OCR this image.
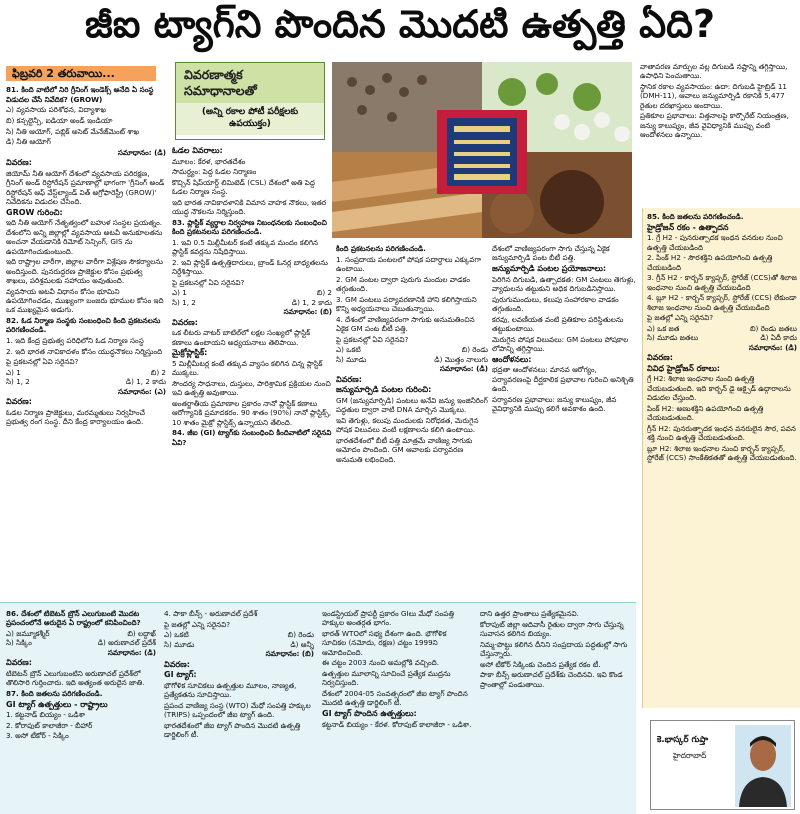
జీఐ ట్యాగ్‌ని పొందిన మొదటి ఉత్పత్తి ఏది?
ఫిబ్రవరి 2 తరువాయి...

81. కింది వాటిలో నిరి గ్రీనింగ్ ఇండెక్స్ అనేది ఏ సంస్థ విడుదల చేసే నివేదిక? (GROW)

ఎ) వ్యవసాయ పరిశోధన, విద్యాశాఖ

బి) కన్సల్టెన్సీ, ఐడియా అండ్ ఇండియా

సి) నీతి ఆయోగ్, పబ్లిక్ అసెట్ మేనేజ్‌మెంట్ శాఖ

డి) నీతి ఆయోగ్

సమాధానం: (డి)

వివరణ:

జియోమ్ నీతి ఆయోగ్ దేశంలో వ్యవసాయ పరిరక్షణ, గ్రీనింగ్ అండ్ రిస్టోరేషన్ ప్రమాణాల్లో భాగంగా 'గ్రీనింగ్ అండ్ రిస్టోరేషన్ ఆఫ్ వేస్ట్‌ల్యాండ్ విత్ అగ్రోఫారెస్ట్రీ (GROW)' నివేదికను విడుదల చేసింది.

GROW గురించి:

ఇది నీతి ఆయోగ్ నేతృత్వంలో బహుళ సంస్థల ప్రయత్నం. దేశంలోని అన్ని జిల్లాల్లో వ్యవసాయ అటవీ అనుకూలతను అంచనా వేయడానికి రిమోట్ సెన్సింగ్, GIS ను ఉపయోగించుకుంటుంది.

ఇది రాష్ట్రాల వారీగా, జిల్లాల వారీగా విశ్లేషణ సౌకర్యాలను అందిస్తుంది. పునరుద్ధరణ ప్రాజెక్టుల కోసం ప్రభుత్వ శాఖలు, పరిశ్రమలకు సహాయం అవుతుంది.

వ్యవసాయ అటవీ విధానం కోసం భూమిని ఉపయోగించడం, ముఖ్యంగా బంజరు భూముల కోసం ఇది ఒక ముఖ్యమైన అడుగు.

82. ఓడ నిర్మాణ సంస్థకు సంబంధించి కింది ప్రకటనలను పరిగణించండి.

1. ఇది కేంద్ర ప్రభుత్వ పరిధిలోని ఓడ నిర్మాణ సంస్థ

2. ఇది భారత నావికాదళం కోసం యుద్ధనౌకలు నిర్మిస్తుంది

పై ప్రకటనల్లో ఏవి సరైనవి?

ఎ) 1	బి) 2
సి) 1, 2	డి) 1, 2 కాదు

సమాధానం: (ఎ)

వివరణ:

ఓడల నిర్మాణ ప్రాజెక్టులు, మరమ్మతులు నిర్వహించే ప్రభుత్వ రంగ సంస్థ. దీని కేంద్ర కార్యాలయం ఉంది.

వివరణాత్మక సమాధానాలతో
(అన్ని రకాల పోటీ పరీక్షలకు ఉపయుక్తం)

ఓడల వివరాలు:

మూలం: కేరళ, భారతదేశం

సామర్థ్యం: పెద్ద ఓడల నిర్మాణం

కొచ్చిన్ షిప్‌యార్డ్ లిమిటెడ్ (CSL) దేశంలో అతి పెద్ద ఓడల నిర్మాణ సంస్థ.

ఇది భారత నావికాదళానికి విమాన వాహక నౌకలు, ఇతర యుద్ధ నౌకలను నిర్మిస్తుంది.

83. ప్లాస్టిక్ వ్యర్థాల నిర్వహణ నిబంధనలకు సంబంధించి కింది ప్రకటనలను పరిగణించండి.

1. ఇవి 0.5 మిల్లీమీటర్ కంటే తక్కువ మందం కలిగిన ప్లాస్టిక్ కవర్లను నిషేధిస్తాయి.

2. ఇవి ప్లాస్టిక్ ఉత్పత్తిదారులు, బ్రాండ్ ఓనర్ల బాధ్యతలను నిర్దేశిస్తాయి.

పై ప్రకటనల్లో ఏవి సరైనవి?

ఎ) 1	బి) 2
సి) 1, 2	డి) 1, 2 కాదు

సమాధానం: (బి)

వివరణ:

ఒక లీటరు వాటర్ బాటిల్‌లో లక్షల సంఖ్యలో ప్లాస్టిక్ కణాలు ఉంటాయని అధ్యయనాలు తెలిపాయి.

మైక్రోప్లాస్టిక్:

5 మిల్లీమీటర్ల కంటే తక్కువ వ్యాసం కలిగిన చిన్న ప్లాస్టిక్ ముక్కలు.

సౌందర్య సాధనాలు, దుస్తులు, పారిశ్రామిక ప్రక్రియల నుంచి ఇవి ఉత్పత్తి అవుతాయి.

అంతర్జాతీయ ప్రమాణాల ప్రకారం నానో ప్లాస్టిక్ కణాలు ఆరోగ్యానికి ప్రమాదకరం. 90 శాతం (90%) నానో ప్లాస్టిక్స్, 10 శాతం మైక్రో ప్లాస్టిక్స్ ఉన్నాయని తేలింది.

84. జీఐ (GI) ట్యాగ్‌కు సంబంధించి కిందివాటిలో సరైనవి ఏవి?

కింది ప్రకటనలను పరిగణించండి.

1. సంప్రదాయ పంటలలో పోషక పదార్థాలు ఎక్కువగా ఉంటాయి.

2. GM పంటల ద్వారా పురుగు మందుల వాడకం తగ్గుతుంది.

3. GM పంటలు పర్యావరణానికి హాని కలిగిస్తాయని కొన్ని అధ్యయనాలు చెబుతున్నాయి.

4. దేశంలో వాణిజ్యపరంగా సాగుకు అనుమతించిన ఏకైక GM పంట బీటీ పత్తి.

పై ప్రకటనల్లో ఏవి సరైనవి?

ఎ) ఒకటి	బి) రెండు
సి) మూడు	డి) మొత్తం నాలుగు

సమాధానం: (డి)

వివరణ:

జన్యుమార్పిడి పంటల గురించి:

GM (జన్యుమార్పిడి) పంటలు అనేవి జన్యు ఇంజినీరింగ్ పద్ధతుల ద్వారా వాటి DNA మార్చిన మొక్కలు.

ఇవి తెగుళ్లు, కలుపు మందులకు నిరోధకత, మెరుగైన పోషక విలువలు వంటి లక్షణాలను కలిగి ఉంటాయి.

భారతదేశంలో బీటీ పత్తి మాత్రమే వాణిజ్య సాగుకు ఆమోదం పొందింది. GM ఆవాలకు పర్యావరణ అనుమతి లభించింది.

వాతావరణ మార్పుల వల్ల దిగుబడి నష్టాన్ని తగ్గిస్తాయి, ఉపాధిని పెంచుతాయి.

స్థానిక రకాల వ్యవసాయం: ఉదా: దిగుబడి హైబ్రిడ్ 11 (DMH-11), ఆవాలు జన్యుమార్పిడి రకానికి 5,477 రైతుల దరఖాస్తులు అందాయి.

ప్రతికూల ప్రభావాలు: విత్తనాలపై కార్పొరేట్ నియంత్రణ, జన్యు కాలుష్యం, జీవ వైవిధ్యానికి ముప్పు వంటి ఆందోళనలు ఉన్నాయి.

దేశంలో వాణిజ్యపరంగా సాగు చేస్తున్న ఏకైక జన్యుమార్పిడి పంట బీటీ పత్తి.

జన్యుమార్పిడి పంటల ప్రయోజనాలు:

పెరిగిన దిగుబడి, ఉత్పాదకత: GM పంటలు తెగుళ్లు, వ్యాధులను తట్టుకుని అధిక దిగుబడినిస్తాయి.

పురుగుమందులు, కలుపు సంహారకాల వాడకం తగ్గుతుంది.

కరవు, లవణీయత వంటి ప్రతికూల పరిస్థితులను తట్టుకుంటాయి.

మెరుగైన పోషక విలువలు: GM పంటలు పోషకాల లోపాన్ని తగ్గిస్తాయి.

ఆందోళనలు:

భద్రతా ఆందోళనలు: మానవ ఆరోగ్యం, పర్యావరణంపై దీర్ఘకాలిక ప్రభావాల గురించి అనిశ్చితి ఉంది.

పర్యావరణ ప్రభావాలు: జన్యు కాలుష్యం, జీవ వైవిధ్యానికి ముప్పు కలిగే అవకాశం ఉంది.

85. కింది జతలను పరిగణించండి.

హైడ్రోజన్ రకం - ఉత్పాదన

1. గ్రే H2 - పునరుత్పాదక ఇంధన వనరుల నుంచి ఉత్పత్తి చేయబడింది

2. పింక్ H2 - సౌరశక్తిని ఉపయోగించి ఉత్పత్తి చేయబడింది

3. గ్రీన్ H2 - కార్బన్ క్యాప్చర్, స్టోరేజ్ (CCS)తో శిలాజ ఇంధనాల నుంచి ఉత్పత్తి చేయబడింది

4. బ్లూ H2 - కార్బన్ క్యాప్చర్, స్టోరేజ్ (CCS) లేకుండా శిలాజ ఇంధనాల నుంచి ఉత్పత్తి చేయబడింది

పై జతల్లో ఎన్ని సరైనవి?

ఎ) ఒక జత	బి) రెండు జతలు
సి) మూడు జతలు	డి) ఏదీ కాదు

సమాధానం: (డి)

వివరణ:

వివిధ హైడ్రోజన్ రకాలు:

గ్రే H2: శిలాజ ఇంధనాల నుంచి ఉత్పత్తి చేయబడుతుంది. ఇది కార్బన్ డై ఆక్సైడ్ ఉద్గారాలను విడుదల చేస్తుంది.

పింక్ H2: అణుశక్తిని ఉపయోగించి ఉత్పత్తి చేయబడుతుంది.

గ్రీన్ H2: పునరుత్పాదక ఇంధన వనరులైన సౌర, పవన శక్తి నుంచి ఉత్పత్తి చేయబడుతుంది.

బ్లూ H2: శిలాజ ఇంధనాల నుంచి కార్బన్ క్యాప్చర్, స్టోరేజ్ (CCS) సాంకేతికతతో ఉత్పత్తి చేయబడుతుంది.

86. దేశంలో టిబెటన్ బ్రౌన్ ఎలుగుబంటి మొదట ప్రపంచంలోనే అరుదైన ఏ రాష్ట్రంలో కనిపించింది?

ఎ) జమ్మూకశ్మీర్	బి) లద్దాఖ్
సి) సిక్కిం	డి) అరుణాచల్ ప్రదేశ్

సమాధానం: (డి)

వివరణ:

టిబెటన్ బ్రౌన్ ఎలుగుబంటిని అరుణాచల్ ప్రదేశ్‌లో తొలిసారి గుర్తించారు. ఇది అత్యంత అరుదైన జాతి.

87. కింది జతలను పరిగణించండి.

GI ట్యాగ్ ఉత్పత్తులు - రాష్ట్రాలు

1. కట్టనాడ్ బియ్యం - ఒడిశా

2. కోరాపుట్ కాలాజీరా - బీహార్

3. అసో టీకోర్ - సిక్కిం

4. పాకా బీన్స్ - అరుణాచల్ ప్రదేశ్

పై జతల్లో ఎన్ని సరైనవి?

ఎ) ఒకటి	బి) రెండు
సి) మూడు	డి) అన్నీ

సమాధానం: (బి)

వివరణ:

GI ట్యాగ్:

భౌగోళిక సూచికలు ఉత్పత్తుల మూలం, నాణ్యత, ప్రత్యేకతను సూచిస్తాయి.

ప్రపంచ వాణిజ్య సంస్థ (WTO) మేధో సంపత్తి హక్కుల (TRIPS) ఒప్పందంలో జీఐ ట్యాగ్ ఉంది.

భారతదేశంలో జీఐ ట్యాగ్ పొందిన మొదటి ఉత్పత్తి డార్జిలింగ్ టీ.

ఇండస్ట్రియల్ ప్రాపర్టీ ప్రకారం GIలు మేధో సంపత్తి హక్కుల అంతర్గత భాగం.

భారత్ WTOలో సభ్య దేశంగా ఉంది. భౌగోళిక సూచికల (నమోదు, రక్షణ) చట్టం 1999ని ఆమోదించింది.

ఈ చట్టం 2003 నుంచి అమల్లోకి వచ్చింది.

ఉత్పత్తుల మూలాన్ని సూచించే ప్రత్యేక ముద్రను నిర్వచిస్తుంది.

దేశంలో 2004-05 సంవత్సరంలో జీఐ ట్యాగ్ పొందిన మొదటి ఉత్పత్తి డార్జిలింగ్ టీ.

GI ట్యాగ్ పొందిన ఉత్పత్తులు:

కట్టనాడ్ బియ్యం - కేరళ. కోరాపుట్ కాలాజీరా - ఒడిశా.

దాని ఉత్తర ప్రాంతాలు ప్రత్యేకమైనవి.

కోరాపుట్ జిల్లా ఆదివాసీ రైతుల ద్వారా సాగు చేస్తున్న సువాసన కలిగిన బియ్యం.

నిమ్మ-పొట్టు కలిగిన దీనిని సంప్రదాయ పద్ధతుల్లో సాగు చేస్తున్నారు.

అసో టీకోర్ సిక్కింకు చెందిన ప్రత్యేక రకం టీ.

పాకా బీన్స్ అరుణాచల్ ప్రదేశ్‌కు చెందినవి. ఇవి కొండ ప్రాంతాల్లో పండుతాయి.

కె.భాస్కర్ గుప్తా
హైదరాబాద్
